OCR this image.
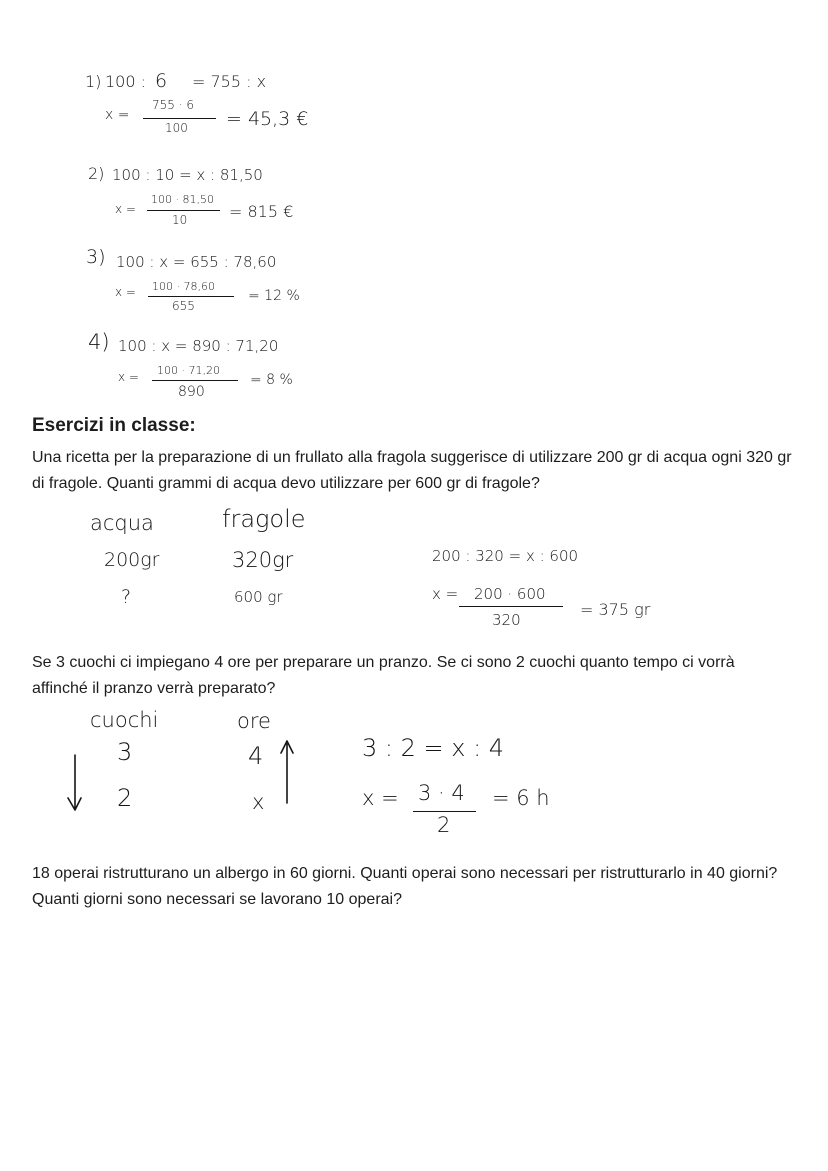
1) 100 : 6 = 755 : x
x =
755 · 6
100 = 45,3 €
2) 100 : 10 = x : 81,50
x =
100 · 81,50
10	= 815 €
3) 100 : x = 655 : 78,60
x = 100 · 78,60
655
= 12 %
4) 100 : x = 890 : 71,20
x = 100 · 71,20
890
= 8 %
Esercizi in classe:
Una ricetta per la preparazione di un frullato alla fragola suggerisce di utilizzare 200 gr di acqua ogni 320 gr di fragole. Quanti grammi di acqua devo utilizzare per 600 gr di fragole?
acqua
200gr
?
fragole
320gr
600 gr
200 : 320 = x : 600
x = 200 · 600
320
= 375 gr
Se 3 cuochi ci impiegano 4 ore per preparare un pranzo. Se ci sono 2 cuochi quanto tempo ci vorrà affinché il pranzo verrà preparato?
cuochi
3
2
ore
4
x
3 : 2 = x : 4
x = 3 · 4
2
= 6 h
18 operai ristrutturano un albergo in 60 giorni. Quanti operai sono necessari per ristrutturarlo in 40 giorni? Quanti giorni sono necessari se lavorano 10 operai?
